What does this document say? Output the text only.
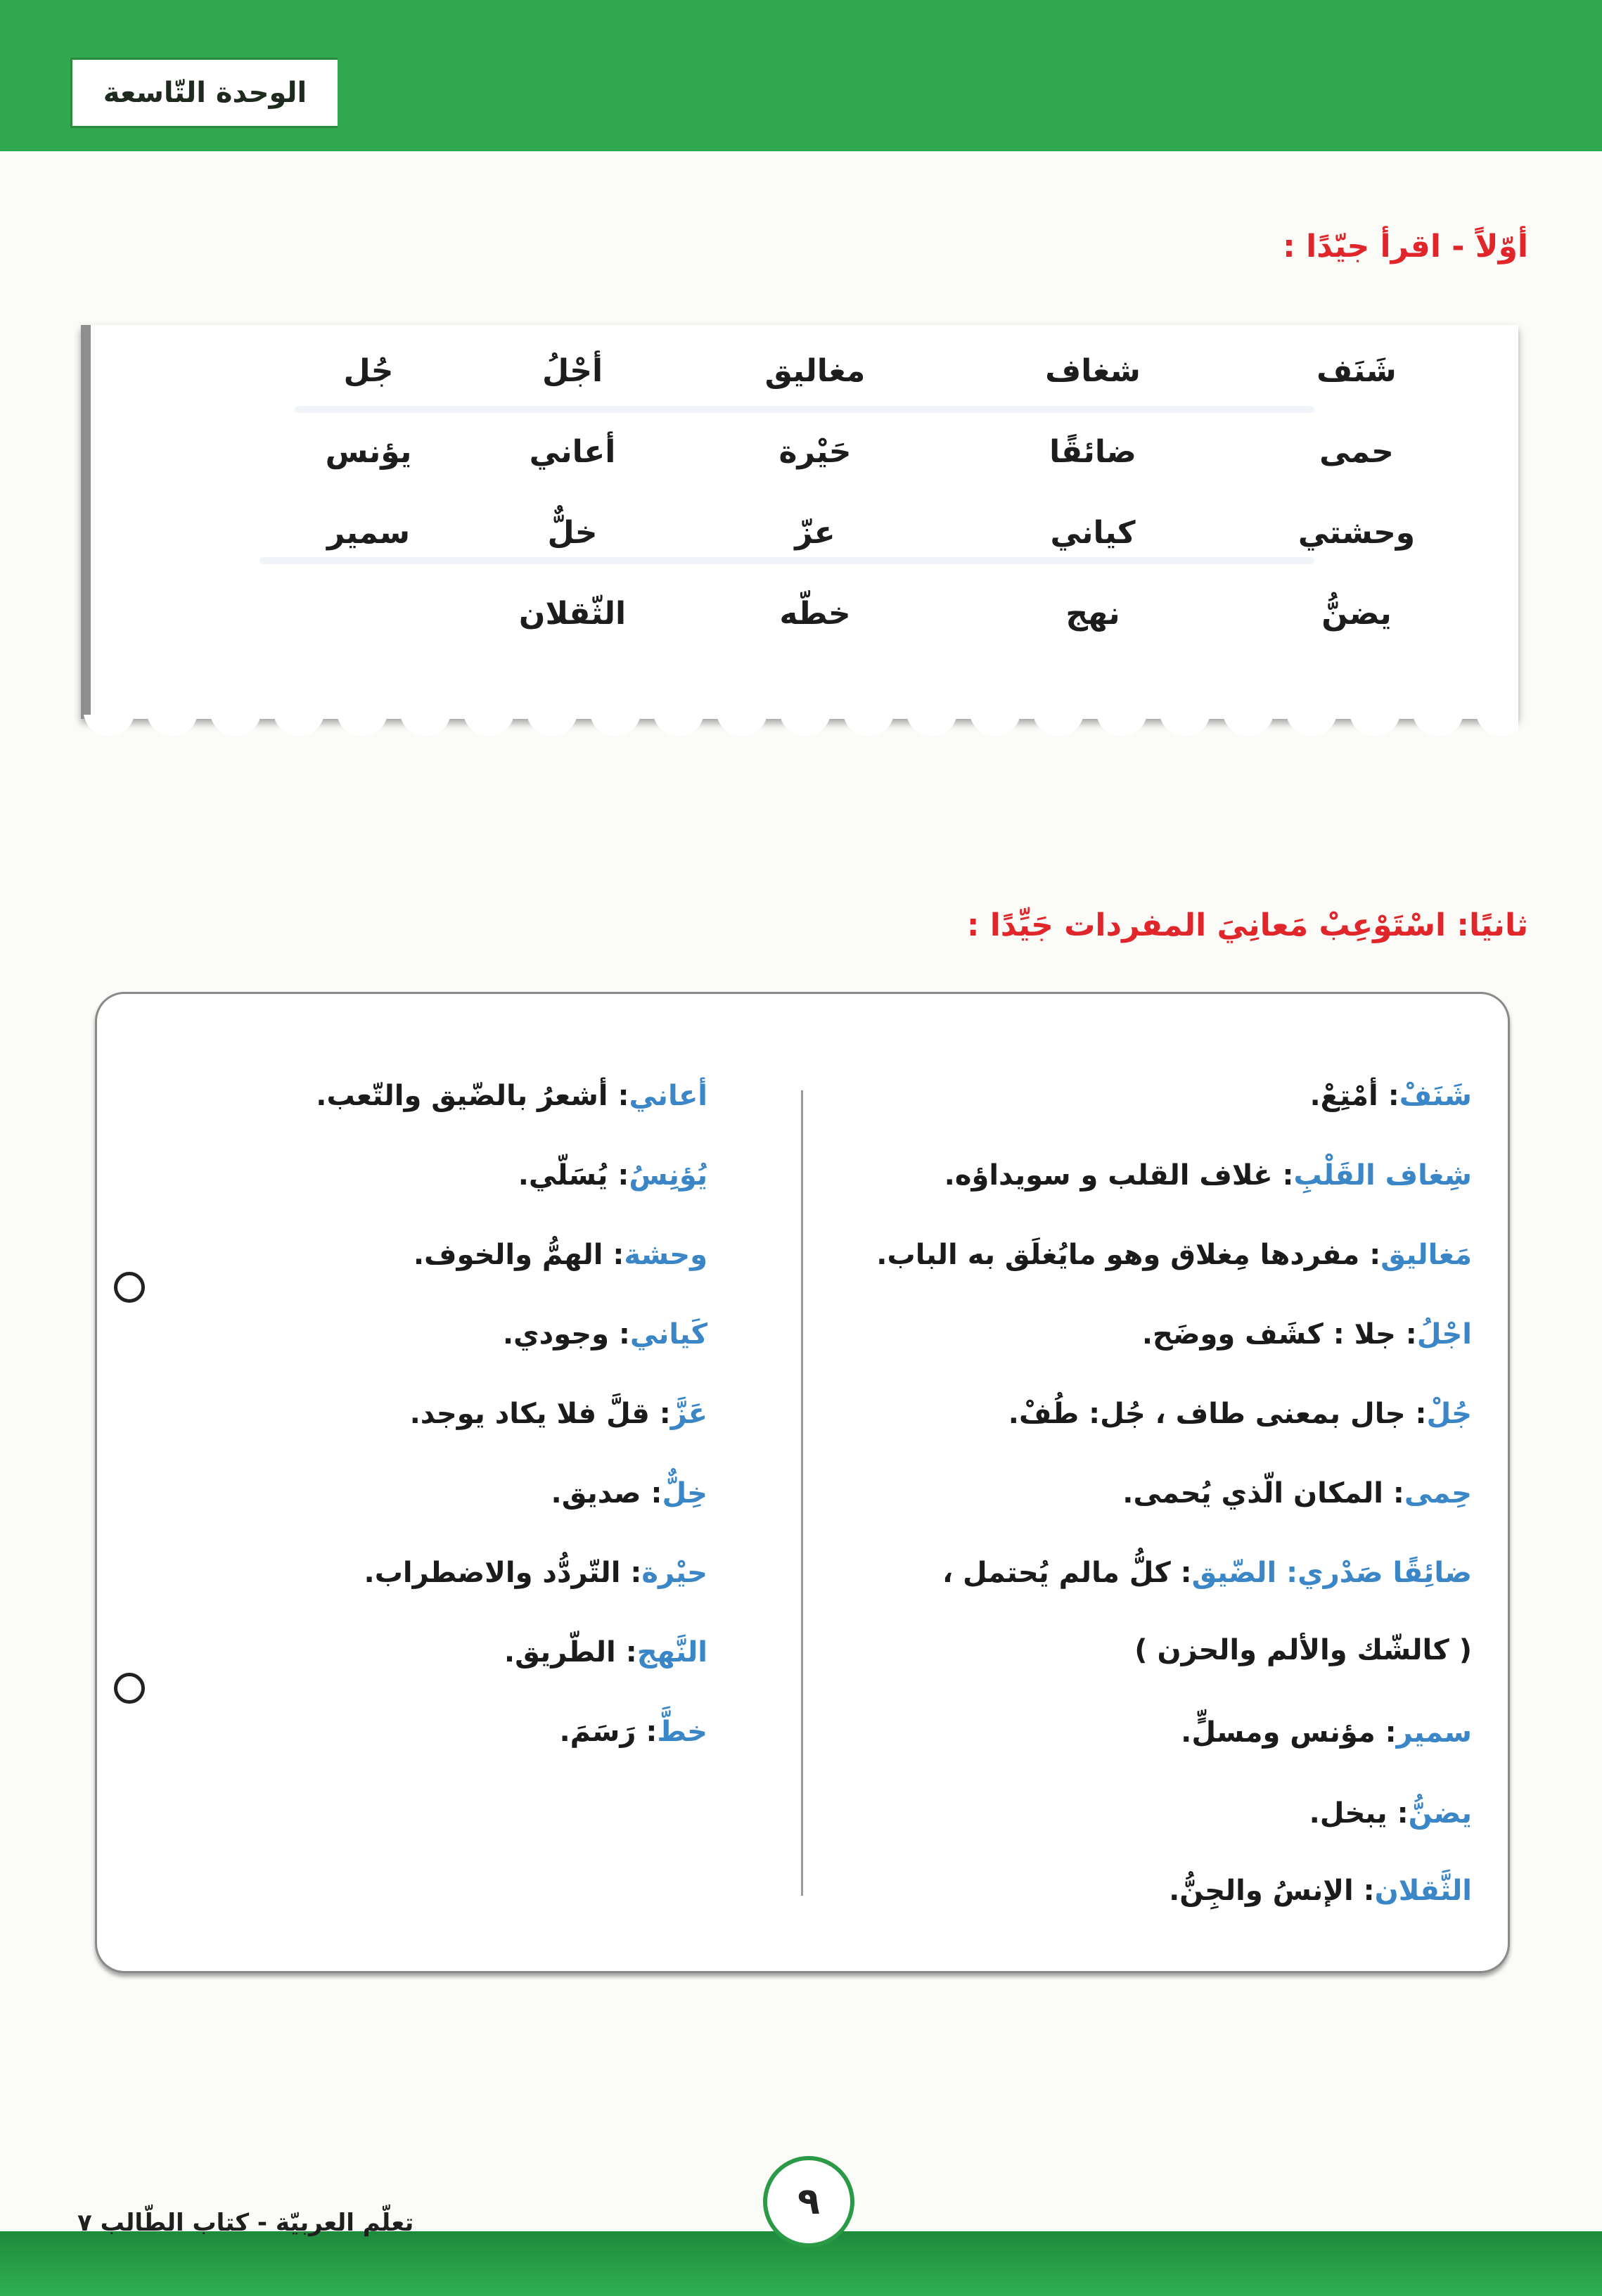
الوحدة التّاسعة
أوّلاً - اقرأ جيّدًا :
شَنَف
شغاف
مغاليق
أجْلُ
جُل
حمى
ضائقًا
حَيْرة
أعاني
يؤنس
وحشتي
كياني
عزّ
خلٌّ
سمير
يضنُّ
نهج
خطّه
الثّقلان
ثانيًا: اسْتَوْعِبْ مَعانِيَ المفردات جَيِّدًا :
شَنَفْ: أمْتِعْ.
شِغاف القَلْبِ: غلاف القلب و سويداؤه.
مَغاليق: مفردها مِغلاق وهو مايُغلَق به الباب.
اجْلُ: جلا : كشَف ووضَح.
جُلْ: جال بمعنى طاف ، جُل: طُفْ.
حِمى: المكان الّذي يُحمى.
ضائِقًا صَدْري: الضّيق: كلُّ مالم يُحتمل ،
( كالشّك والألم والحزن )
سمير: مؤنس ومسلٍّ.
يضنُّ: يبخل.
الثَّقلان: الإنسُ والجِنُّ.
أعاني: أشعرُ بالضّيق والتّعب.
يُؤنِسُ: يُسَلّي.
وحشة: الهمُّ والخوف.
كَياني: وجودي.
عَزَّ: قلَّ فلا يكاد يوجد.
خِلٌّ: صديق.
حيْرة: التّردُّد والاضطراب.
النَّهج: الطّريق.
خطَّ: رَسَمَ.
٩
تعلّم العربيّة - كتاب الطّالب ٧
